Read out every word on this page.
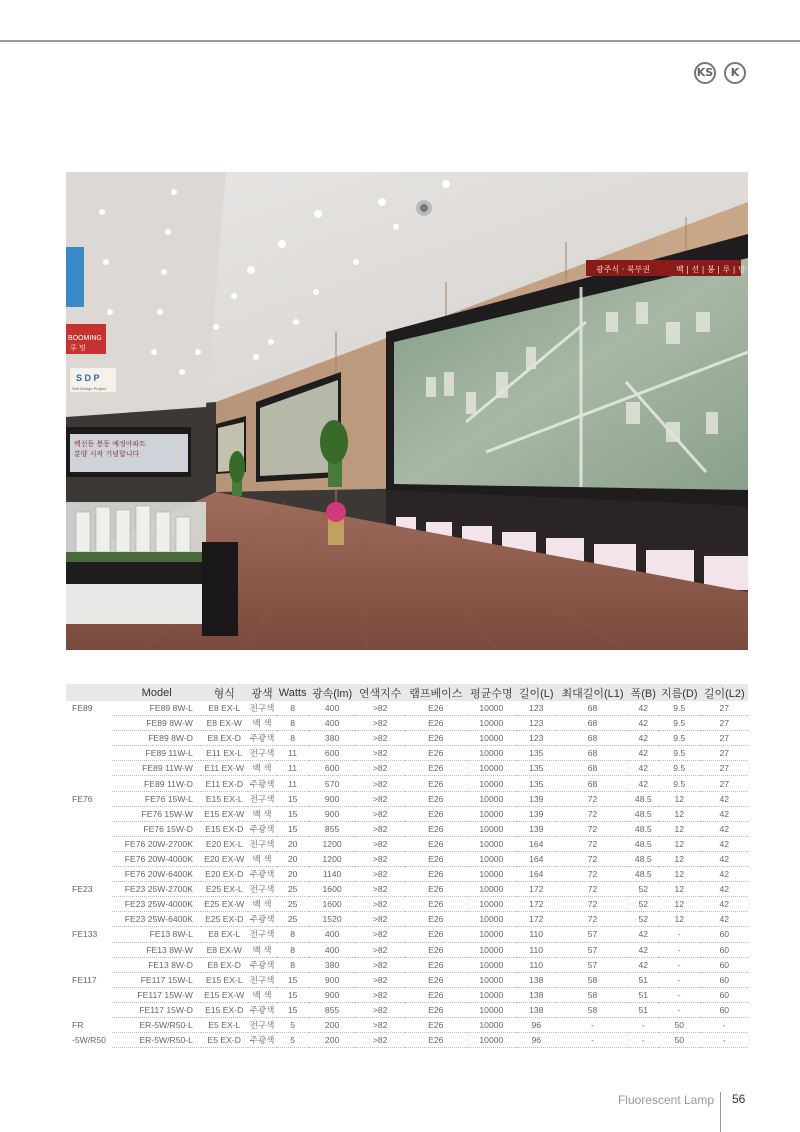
KS	K
광주식 · 북부권	백 | 선 | 봉 | 루 | 방
백신동 봉동 예정아파트
분양 시작 기념합니다
BOOMING
루 밍
S D P
Self Design Project
	Model	형식	광색	Watts	광속(lm)	연색지수	램프베이스	평균수명	길이(L)	최대길이(L1)	폭(B)	지름(D)	길이(L2)
FE89	FE89 8W-L	E8 EX-L	전구색	8	400	>82	E26	10000	123	68	42	9.5	27
	FE89 8W-W	E8 EX-W	백 색	8	400	>82	E26	10000	123	68	42	9.5	27
	FE89 8W-D	E8 EX-D	주광색	8	380	>82	E26	10000	123	68	42	9.5	27
	FE89 11W-L	E11 EX-L	전구색	11	600	>82	E26	10000	135	68	42	9.5	27
	FE89 11W-W	E11 EX-W	백 색	11	600	>82	E26	10000	135	68	42	9.5	27
	FE89 11W-D	E11 EX-D	주광색	11	570	>82	E26	10000	135	68	42	9.5	27
FE76	FE76 15W-L	E15 EX-L	전구색	15	900	>82	E26	10000	139	72	48.5	12	42
	FE76 15W-W	E15 EX-W	백 색	15	900	>82	E26	10000	139	72	48.5	12	42
	FE76 15W-D	E15 EX-D	주광색	15	855	>82	E26	10000	139	72	48.5	12	42
	FE76 20W-2700K	E20 EX-L	전구색	20	1200	>82	E26	10000	164	72	48.5	12	42
	FE76 20W-4000K	E20 EX-W	백 색	20	1200	>82	E26	10000	164	72	48.5	12	42
	FE76 20W-6400K	E20 EX-D	주광색	20	1140	>82	E26	10000	164	72	48.5	12	42
FE23	FE23 25W-2700K	E25 EX-L	전구색	25	1600	>82	E26	10000	172	72	52	12	42
	FE23 25W-4000K	E25 EX-W	백 색	25	1600	>82	E26	10000	172	72	52	12	42
	FE23 25W-6400K	E25 EX-D	주광색	25	1520	>82	E26	10000	172	72	52	12	42
FE133	FE13 8W-L	E8 EX-L	전구색	8	400	>82	E26	10000	110	57	42	-	60
	FE13 8W-W	E8 EX-W	백 색	8	400	>82	E26	10000	110	57	42	-	60
	FE13 8W-D	E8 EX-D	주광색	8	380	>82	E26	10000	110	57	42	-	60
FE117	FE117 15W-L	E15 EX-L	전구색	15	900	>82	E26	10000	138	58	51	-	60
	FE117 15W-W	E15 EX-W	백 색	15	900	>82	E26	10000	138	58	51	-	60
	FE117 15W-D	E15 EX-D	주광색	15	855	>82	E26	10000	138	58	51	-	60
FR	ER-5W/R50-L	E5 EX-L	전구색	5	200	>82	E26	10000	96	-	-	50	-
-5W/R50	ER-5W/R50-L	E5 EX-D	주광색	5	200	>82	E26	10000	96	-	-	50	-
Fluorescent Lamp 56
